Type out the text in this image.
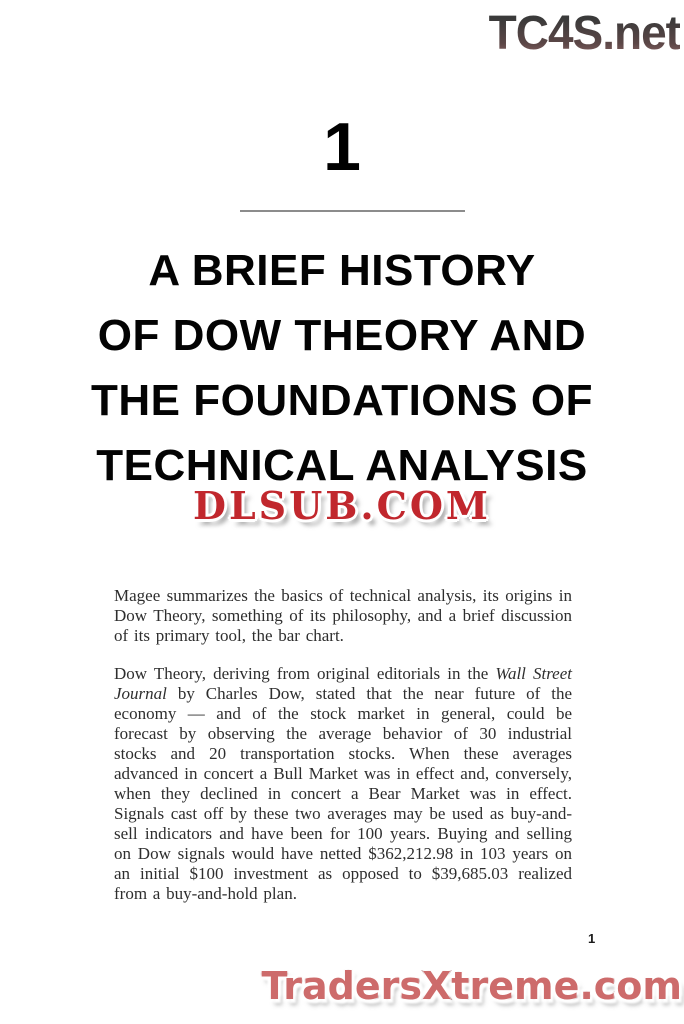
TC4S.net
1
A BRIEF HISTORY
OF DOW THEORY AND
THE FOUNDATIONS OF
TECHNICAL ANALYSIS
DLSUB.COM

Magee summarizes the basics of technical analysis, its origins in Dow Theory, something of its philosophy, and a brief discussion of its primary tool, the bar chart.

Dow Theory, deriving from original editorials in the Wall Street Journal by Charles Dow, stated that the near future of the economy — and of the stock market in general, could be forecast by observing the average behavior of 30 industrial stocks and 20 transportation stocks. When these averages advanced in concert a Bull Market was in effect and, conversely, when they declined in concert a Bear Market was in effect. Signals cast off by these two averages may be used as buy-and-sell indicators and have been for 100 years. Buying and selling on Dow signals would have netted $362,212.98 in 103 years on an initial $100 investment as opposed to $39,685.03 realized from a buy-and-hold plan.

1
TradersXtreme.com
